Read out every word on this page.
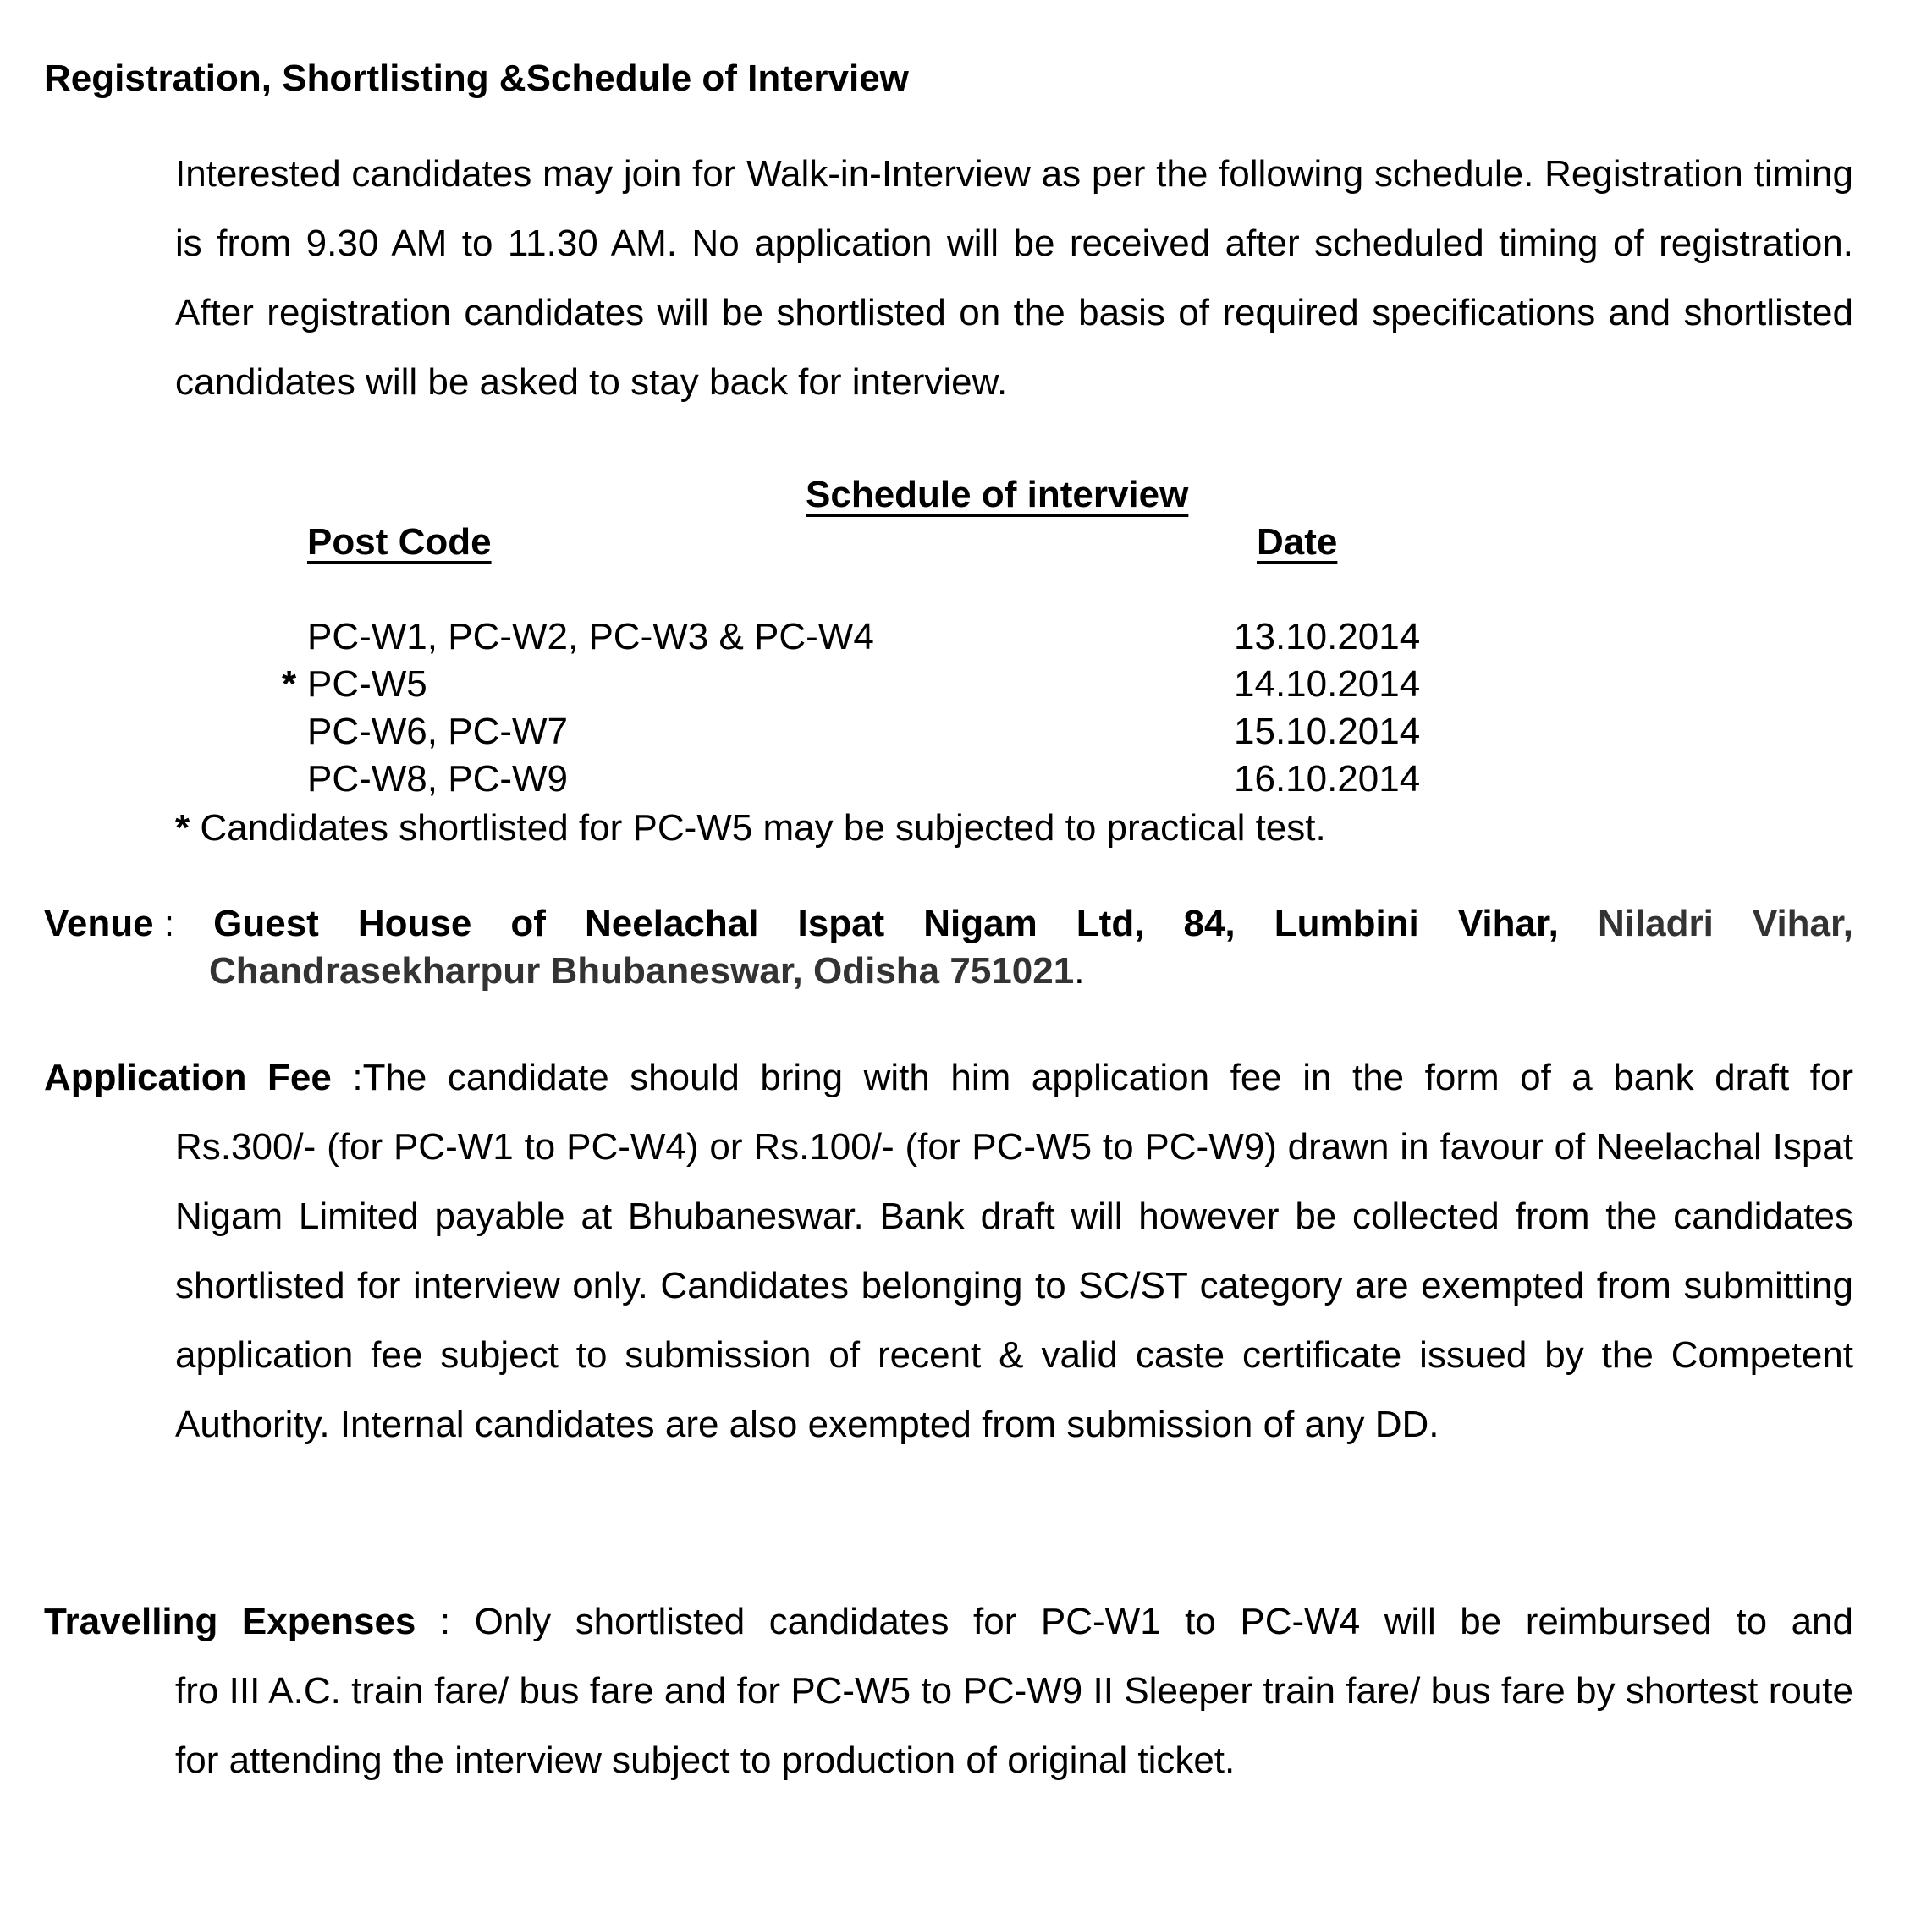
Registration, Shortlisting &Schedule of Interview
Interested candidates may join for Walk-in-Interview as per the following schedule. Registration timing is from 9.30 AM to 11.30 AM. No application will be received after scheduled timing of registration. After registration candidates will be shortlisted on the basis of required specifications and shortlisted candidates will be asked to stay back for interview.
Schedule of interview
Post Code	Date
PC-W1, PC-W2, PC-W3 & PC-W4	13.10.2014
* PC-W5	14.10.2014
PC-W6, PC-W7	15.10.2014
PC-W8, PC-W9	16.10.2014
* Candidates shortlisted for PC-W5 may be subjected to practical test.
Venue : Guest House of Neelachal Ispat Nigam Ltd, 84, Lumbini Vihar, Niladri Vihar,
Chandrasekharpur Bhubaneswar, Odisha 751021.
Application Fee :The candidate should bring with him application fee in the form of a bank draft for
Rs.300/- (for PC-W1 to PC-W4) or Rs.100/- (for PC-W5 to PC-W9) drawn in favour of Neelachal Ispat Nigam Limited payable at Bhubaneswar. Bank draft will however be collected from the candidates shortlisted for interview only. Candidates belonging to SC/ST category are exempted from submitting application fee subject to submission of recent & valid caste certificate issued by the Competent Authority. Internal candidates are also exempted from submission of any DD.
Travelling Expenses : Only shortlisted candidates for PC-W1 to PC-W4 will be reimbursed to and
fro III A.C. train fare/ bus fare and for PC-W5 to PC-W9 II Sleeper train fare/ bus fare by shortest route for attending the interview subject to production of original ticket.
